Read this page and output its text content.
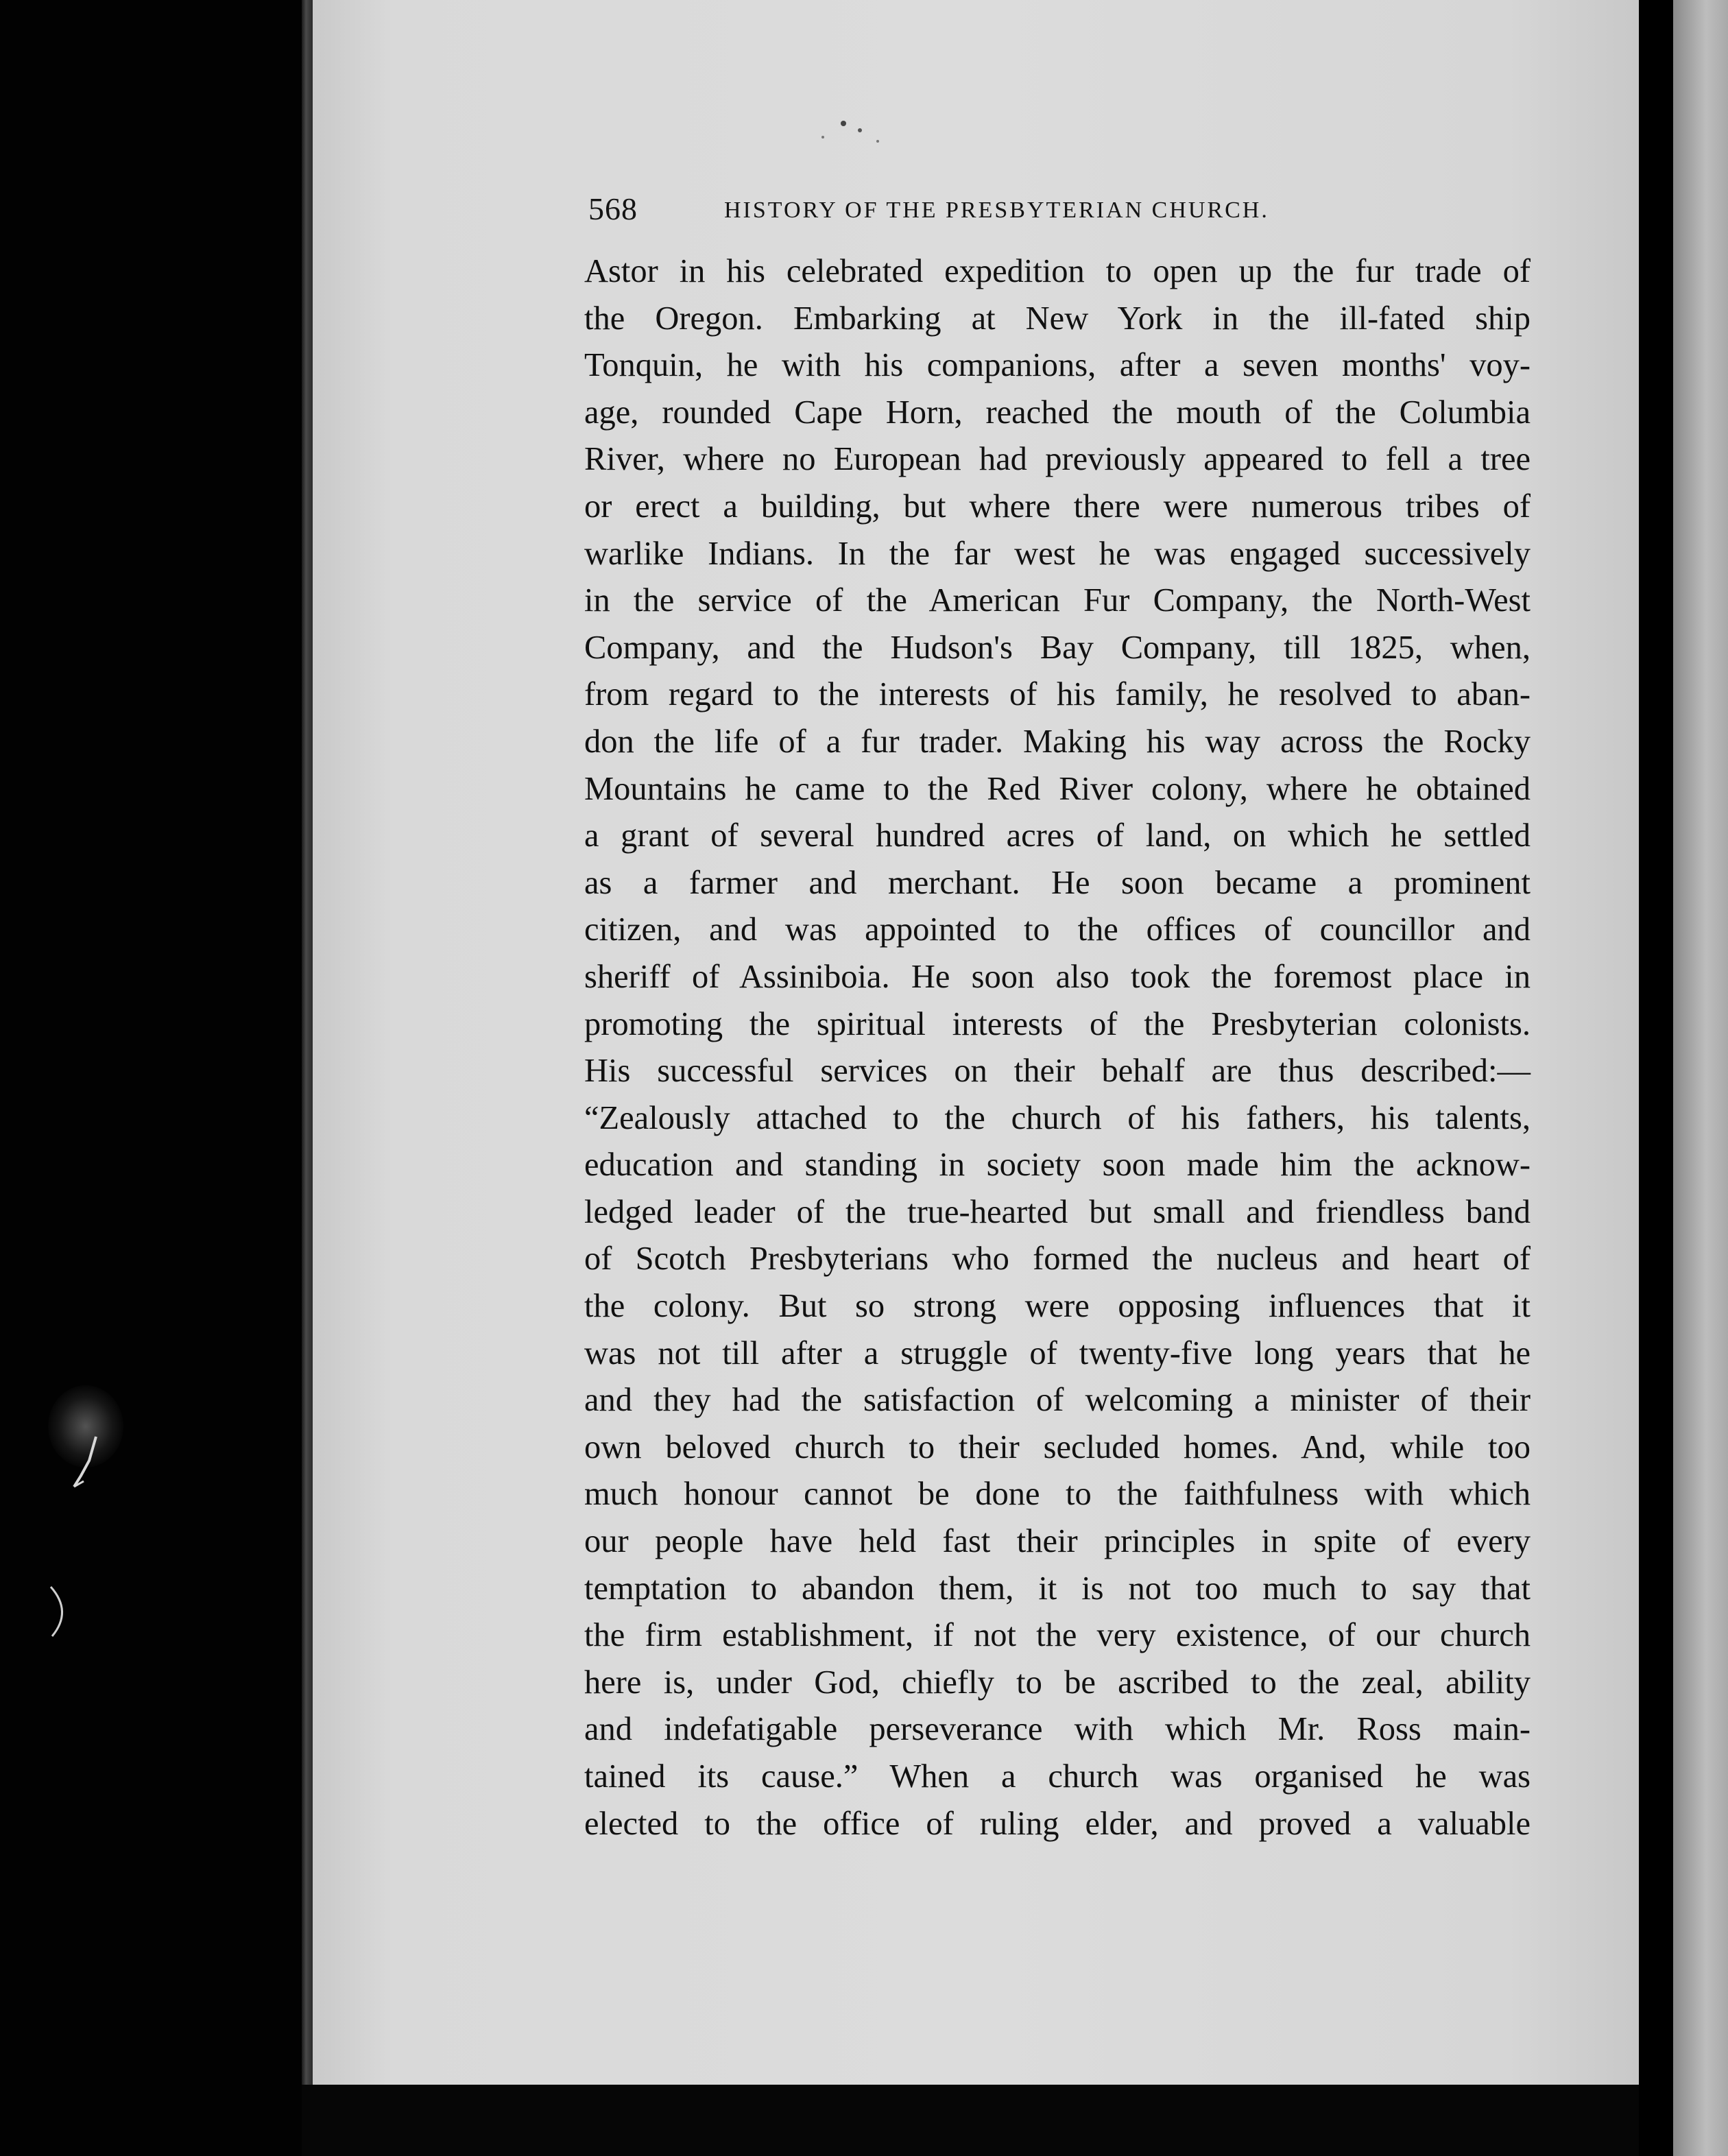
568	HISTORY OF THE PRESBYTERIAN CHURCH.
Astor in his celebrated expedition to open up the fur trade of
the Oregon. Embarking at New York in the ill-fated ship
Tonquin, he with his companions, after a seven months' voy-
age, rounded Cape Horn, reached the mouth of the Columbia
River, where no European had previously appeared to fell a tree
or erect a building, but where there were numerous tribes of
warlike Indians. In the far west he was engaged successively
in the service of the American Fur Company, the North-West
Company, and the Hudson's Bay Company, till 1825, when,
from regard to the interests of his family, he resolved to aban-
don the life of a fur trader. Making his way across the Rocky
Mountains he came to the Red River colony, where he obtained
a grant of several hundred acres of land, on which he settled
as a farmer and merchant. He soon became a prominent
citizen, and was appointed to the offices of councillor and
sheriff of Assiniboia. He soon also took the foremost place in
promoting the spiritual interests of the Presbyterian colonists.
His successful services on their behalf are thus described:—
“Zealously attached to the church of his fathers, his talents,
education and standing in society soon made him the acknow-
ledged leader of the true-hearted but small and friendless band
of Scotch Presbyterians who formed the nucleus and heart of
the colony. But so strong were opposing influences that it
was not till after a struggle of twenty-five long years that he
and they had the satisfaction of welcoming a minister of their
own beloved church to their secluded homes. And, while too
much honour cannot be done to the faithfulness with which
our people have held fast their principles in spite of every
temptation to abandon them, it is not too much to say that
the firm establishment, if not the very existence, of our church
here is, under God, chiefly to be ascribed to the zeal, ability
and indefatigable perseverance with which Mr. Ross main-
tained its cause.” When a church was organised he was
elected to the office of ruling elder, and proved a valuable
